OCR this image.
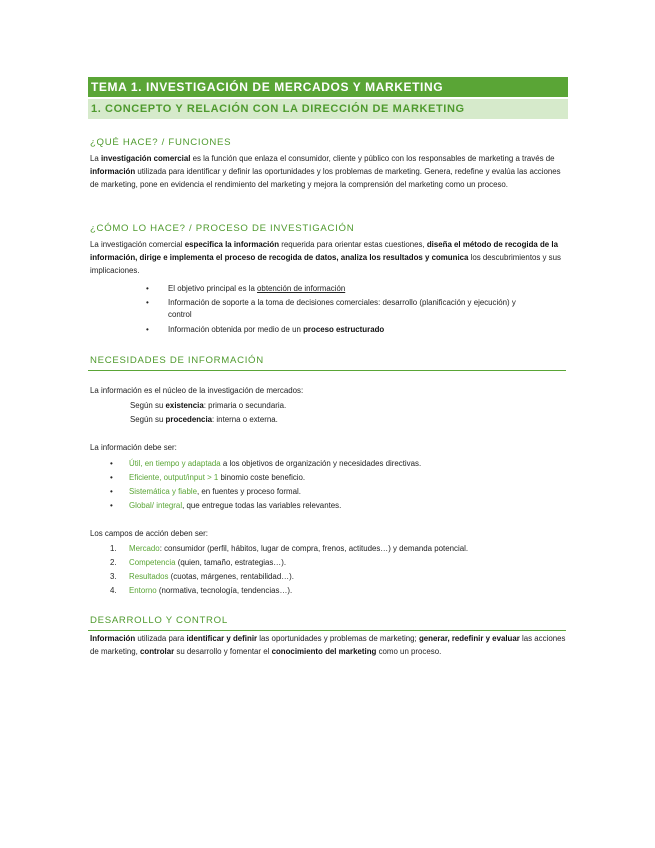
TEMA 1. INVESTIGACIÓN DE MERCADOS Y MARKETING
1. CONCEPTO Y RELACIÓN CON LA DIRECCIÓN DE MARKETING
¿QUÉ HACE? / FUNCIONES
La investigación comercial es la función que enlaza el consumidor, cliente y público con los responsables de marketing a través de información utilizada para identificar y definir las oportunidades y los problemas de marketing. Genera, redefine y evalúa las acciones de marketing, pone en evidencia el rendimiento del marketing y mejora la comprensión del marketing como un proceso.
¿CÓMO LO HACE? / PROCESO DE INVESTIGACIÓN
La investigación comercial especifica la información requerida para orientar estas cuestiones, diseña el método de recogida de la información, dirige e implementa el proceso de recogida de datos, analiza los resultados y comunica los descubrimientos y sus implicaciones.
• El objetivo principal es la obtención de información
• Información de soporte a la toma de decisiones comerciales: desarrollo (planificación y ejecución) y
control
• Información obtenida por medio de un proceso estructurado
NECESIDADES DE INFORMACIÓN
La información es el núcleo de la investigación de mercados:
Según su existencia: primaria o secundaria.
Según su procedencia: interna o externa.
La información debe ser:
• Útil, en tiempo y adaptada a los objetivos de organización y necesidades directivas.
• Eficiente, output/input > 1 binomio coste beneficio.
• Sistemática y fiable, en fuentes y proceso formal.
• Global/ integral, que entregue todas las variables relevantes.
Los campos de acción deben ser:
1. Mercado: consumidor (perfil, hábitos, lugar de compra, frenos, actitudes…) y demanda potencial.
2. Competencia (quien, tamaño, estrategias…).
3. Resultados (cuotas, márgenes, rentabilidad…).
4. Entorno (normativa, tecnología, tendencias…).
DESARROLLO Y CONTROL
Información utilizada para identificar y definir las oportunidades y problemas de marketing; generar, redefinir y evaluar las acciones de marketing, controlar su desarrollo y fomentar el conocimiento del marketing como un proceso.
